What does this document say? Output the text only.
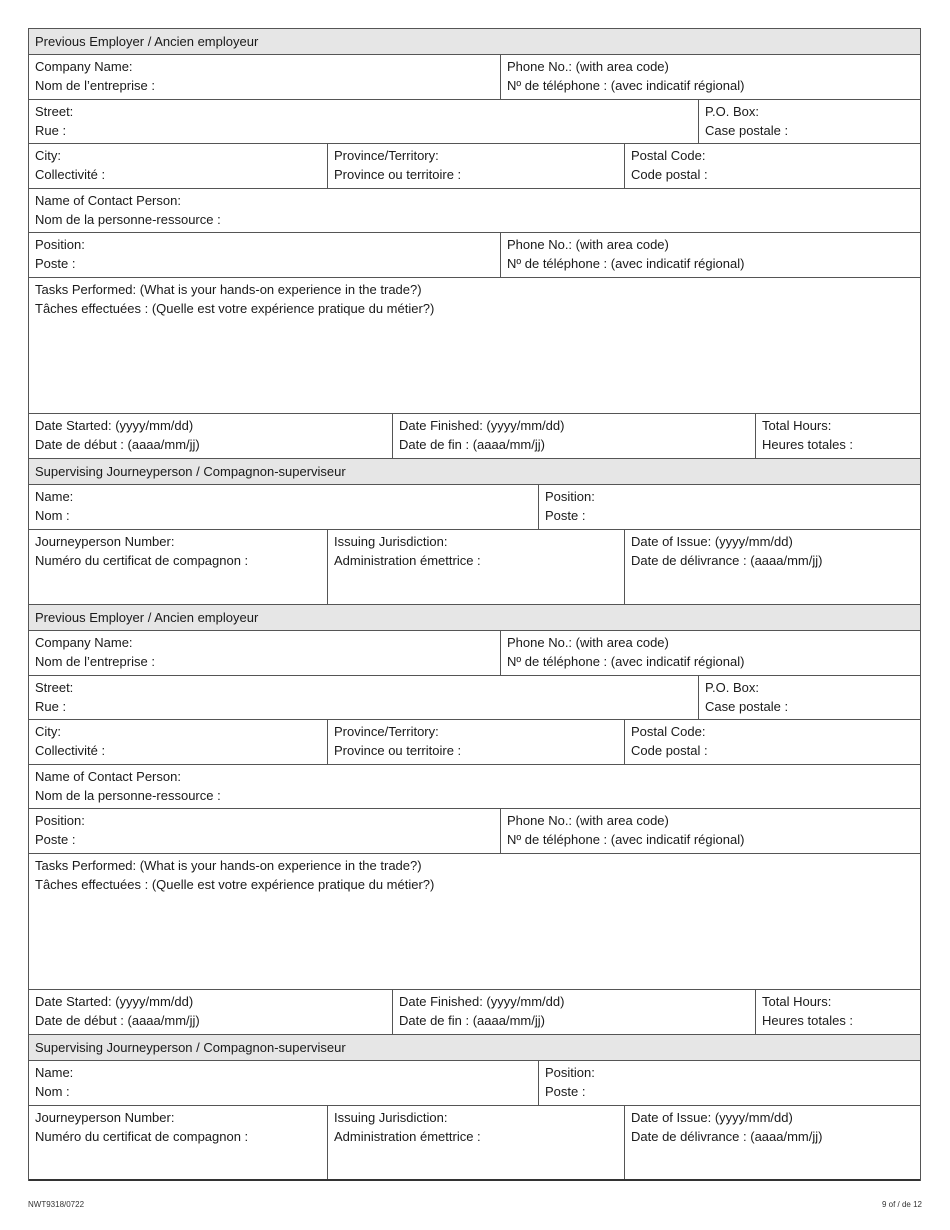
Previous Employer / Ancien employeur
Company Name:
Nom de l’entreprise :
Phone No.: (with area code)
Nº de téléphone : (avec indicatif régional)
Street:
Rue :
P.O. Box:
Case postale :
City:
Collectivité :
Province/Territory:
Province ou territoire :
Postal Code:
Code postal :
Name of Contact Person:
Nom de la personne-ressource :
Position:
Poste :
Phone No.: (with area code)
Nº de téléphone : (avec indicatif régional)
Tasks Performed: (What is your hands-on experience in the trade?)
Tâches effectuées : (Quelle est votre expérience pratique du métier?)
Date Started: (yyyy/mm/dd)
Date de début : (aaaa/mm/jj)
Date Finished: (yyyy/mm/dd)
Date de fin : (aaaa/mm/jj)
Total Hours:
Heures totales :
Supervising Journeyperson / Compagnon-superviseur
Name:
Nom :
Position:
Poste :
Journeyperson Number:
Numéro du certificat de compagnon :
Issuing Jurisdiction:
Administration émettrice :
Date of Issue: (yyyy/mm/dd)
Date de délivrance : (aaaa/mm/jj)
Previous Employer / Ancien employeur
Company Name:
Nom de l’entreprise :
Phone No.: (with area code)
Nº de téléphone : (avec indicatif régional)
Street:
Rue :
P.O. Box:
Case postale :
City:
Collectivité :
Province/Territory:
Province ou territoire :
Postal Code:
Code postal :
Name of Contact Person:
Nom de la personne-ressource :
Position:
Poste :
Phone No.: (with area code)
Nº de téléphone : (avec indicatif régional)
Tasks Performed: (What is your hands-on experience in the trade?)
Tâches effectuées : (Quelle est votre expérience pratique du métier?)
Date Started: (yyyy/mm/dd)
Date de début : (aaaa/mm/jj)
Date Finished: (yyyy/mm/dd)
Date de fin : (aaaa/mm/jj)
Total Hours:
Heures totales :
Supervising Journeyperson / Compagnon-superviseur
Name:
Nom :
Position:
Poste :
Journeyperson Number:
Numéro du certificat de compagnon :
Issuing Jurisdiction:
Administration émettrice :
Date of Issue: (yyyy/mm/dd)
Date de délivrance : (aaaa/mm/jj)
NWT9318/0722	9 of / de 12
